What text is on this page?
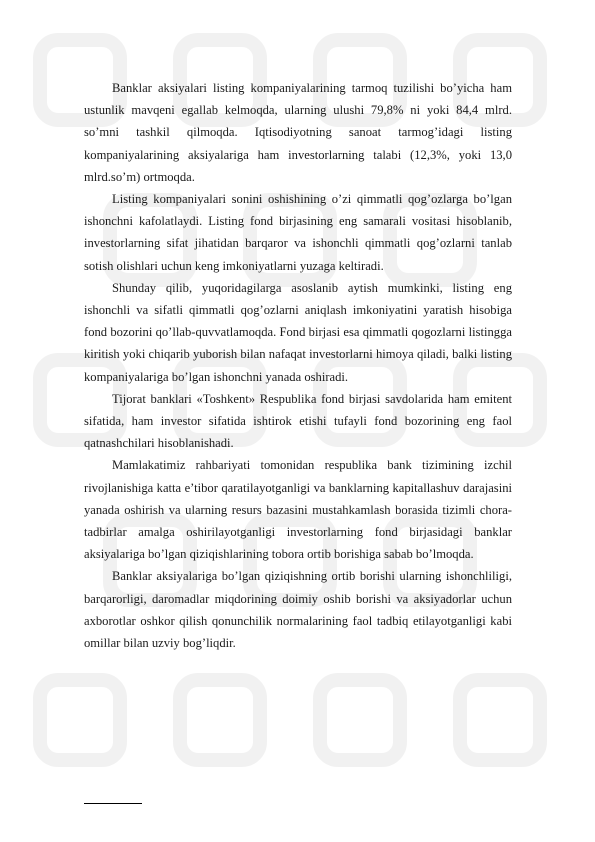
Banklar aksiyalari listing kompaniyalarining tarmoq tuzilishi bo’yicha ham ustunlik mavqeni egallab kelmoqda, ularning ulushi 79,8% ni yoki 84,4 mlrd. so’mni tashkil qilmoqda. Iqtisodiyotning sanoat tarmog’idagi listing kompaniyalarining aksiyalariga ham investorlarning talabi (12,3%, yoki 13,0 mlrd.so’m) ortmoqda.

Listing kompaniyalari sonini oshishining o’zi qimmatli qog’ozlarga bo’lgan ishonchni kafolatlaydi. Listing fond birjasining eng samarali vositasi hisoblanib, investorlarning sifat jihatidan barqaror va ishonchli qimmatli qog’ozlarni tanlab sotish olishlari uchun keng imkoniyatlarni yuzaga keltiradi.

Shunday qilib, yuqoridagilarga asoslanib aytish mumkinki, listing eng ishonchli va sifatli qimmatli qog’ozlarni aniqlash imkoniyatini yaratish hisobiga fond bozorini qo’llab-quvvatlamoqda. Fond birjasi esa qimmatli qogozlarni listingga kiritish yoki chiqarib yuborish bilan nafaqat investorlarni himoya qiladi, balki listing kompaniyalariga bo’lgan ishonchni yanada oshiradi.

Tijorat banklari «Toshkent» Respublika fond birjasi savdolarida ham emitent sifatida, ham investor sifatida ishtirok etishi tufayli fond bozorining eng faol qatnashchilari hisoblanishadi.

Mamlakatimiz rahbariyati tomonidan respublika bank tizimining izchil rivojlanishiga katta e’tibor qaratilayotganligi va banklarning kapitallashuv darajasini yanada oshirish va ularning resurs bazasini mustahkamlash borasida tizimli chora-tadbirlar amalga oshirilayotganligi investorlarning fond birjasidagi banklar aksiyalariga bo’lgan qiziqishlarining tobora ortib borishiga sabab bo’lmoqda.

Banklar aksiyalariga bo’lgan qiziqishning ortib borishi ularning ishonchliligi, barqarorligi, daromadlar miqdorining doimiy oshib borishi va aksiyadorlar uchun axborotlar oshkor qilish qonunchilik normalarining faol tadbiq etilayotganligi kabi omillar bilan uzviy bog’liqdir.
